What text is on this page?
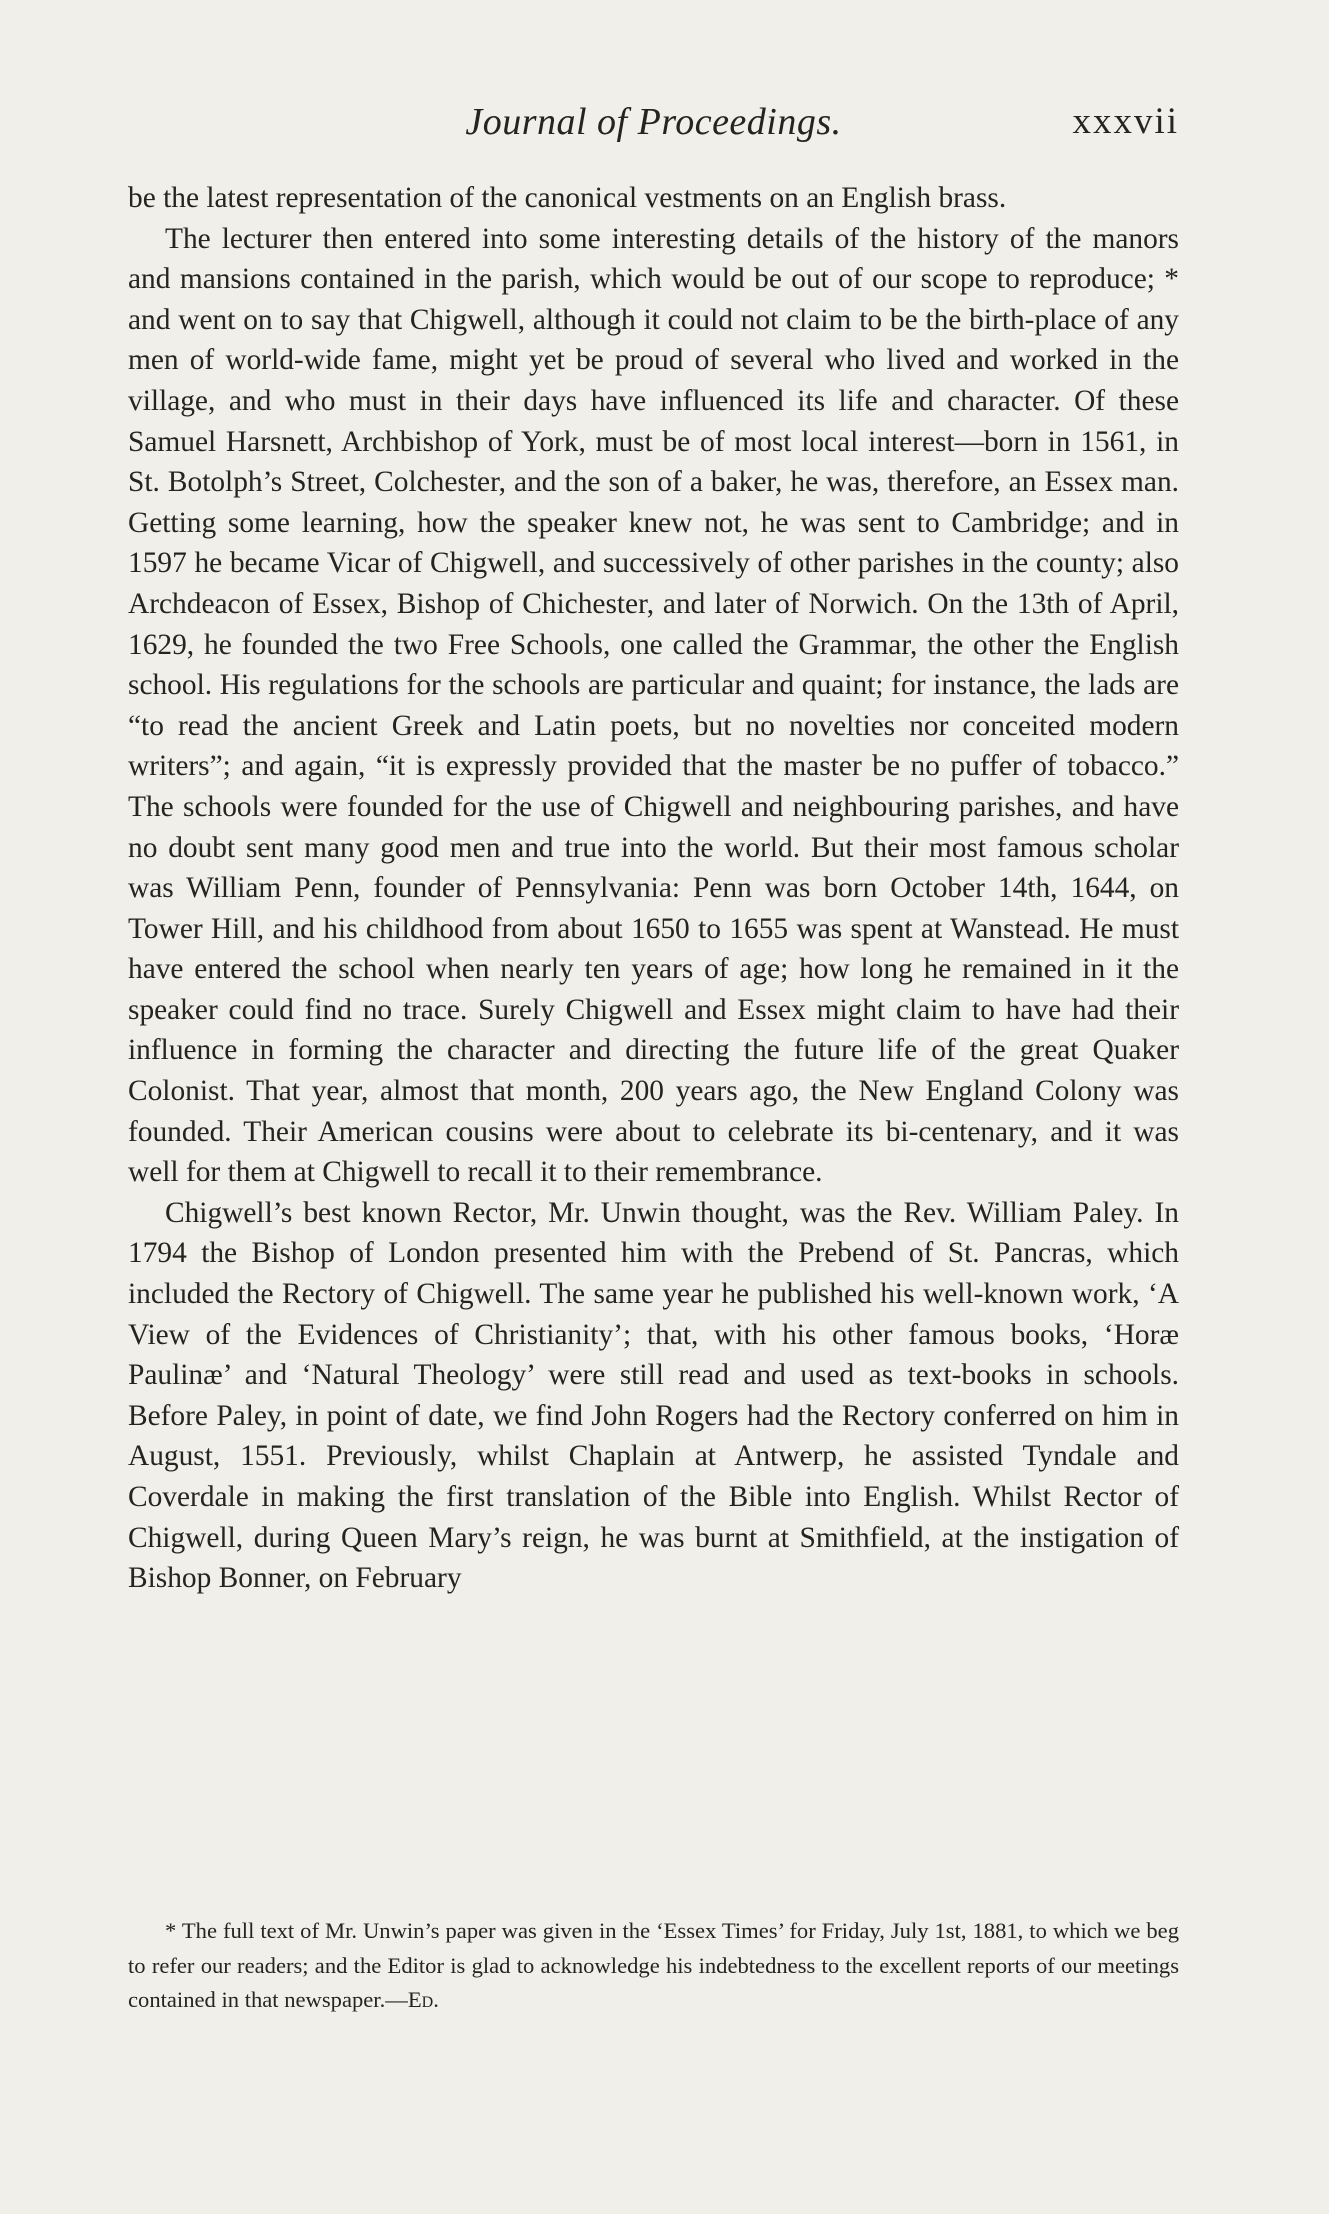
Journal of Proceedings.	xxxvii

be the latest representation of the canonical vestments on an English brass.

The lecturer then entered into some interesting details of the history of the manors and mansions contained in the parish, which would be out of our scope to reproduce; * and went on to say that Chigwell, although it could not claim to be the birth-place of any men of world-wide fame, might yet be proud of several who lived and worked in the village, and who must in their days have influenced its life and character. Of these Samuel Harsnett, Archbishop of York, must be of most local interest—born in 1561, in St. Botolph’s Street, Colchester, and the son of a baker, he was, therefore, an Essex man. Getting some learning, how the speaker knew not, he was sent to Cambridge; and in 1597 he became Vicar of Chigwell, and successively of other parishes in the county; also Archdeacon of Essex, Bishop of Chichester, and later of Norwich. On the 13th of April, 1629, he founded the two Free Schools, one called the Grammar, the other the English school. His regulations for the schools are particular and quaint; for instance, the lads are “to read the ancient Greek and Latin poets, but no novelties nor conceited modern writers”; and again, “it is expressly provided that the master be no puffer of tobacco.” The schools were founded for the use of Chigwell and neighbouring parishes, and have no doubt sent many good men and true into the world. But their most famous scholar was William Penn, founder of Pennsylvania: Penn was born October 14th, 1644, on Tower Hill, and his childhood from about 1650 to 1655 was spent at Wanstead. He must have entered the school when nearly ten years of age; how long he remained in it the speaker could find no trace. Surely Chigwell and Essex might claim to have had their influence in forming the character and directing the future life of the great Quaker Colonist. That year, almost that month, 200 years ago, the New England Colony was founded. Their American cousins were about to celebrate its bi-centenary, and it was well for them at Chigwell to recall it to their remembrance.

Chigwell’s best known Rector, Mr. Unwin thought, was the Rev. William Paley. In 1794 the Bishop of London presented him with the Prebend of St. Pancras, which included the Rectory of Chigwell. The same year he published his well-known work, ‘A View of the Evidences of Christianity’; that, with his other famous books, ‘Horæ Paulinæ’ and ‘Natural Theology’ were still read and used as text-books in schools. Before Paley, in point of date, we find John Rogers had the Rectory conferred on him in August, 1551. Previously, whilst Chaplain at Antwerp, he assisted Tyndale and Coverdale in making the first translation of the Bible into English. Whilst Rector of Chigwell, during Queen Mary’s reign, he was burnt at Smithfield, at the instigation of Bishop Bonner, on February

* The full text of Mr. Unwin’s paper was given in the ‘Essex Times’ for Friday, July 1st, 1881, to which we beg to refer our readers; and the Editor is glad to acknowledge his indebtedness to the excellent reports of our meetings contained in that newspaper.—Ed.
